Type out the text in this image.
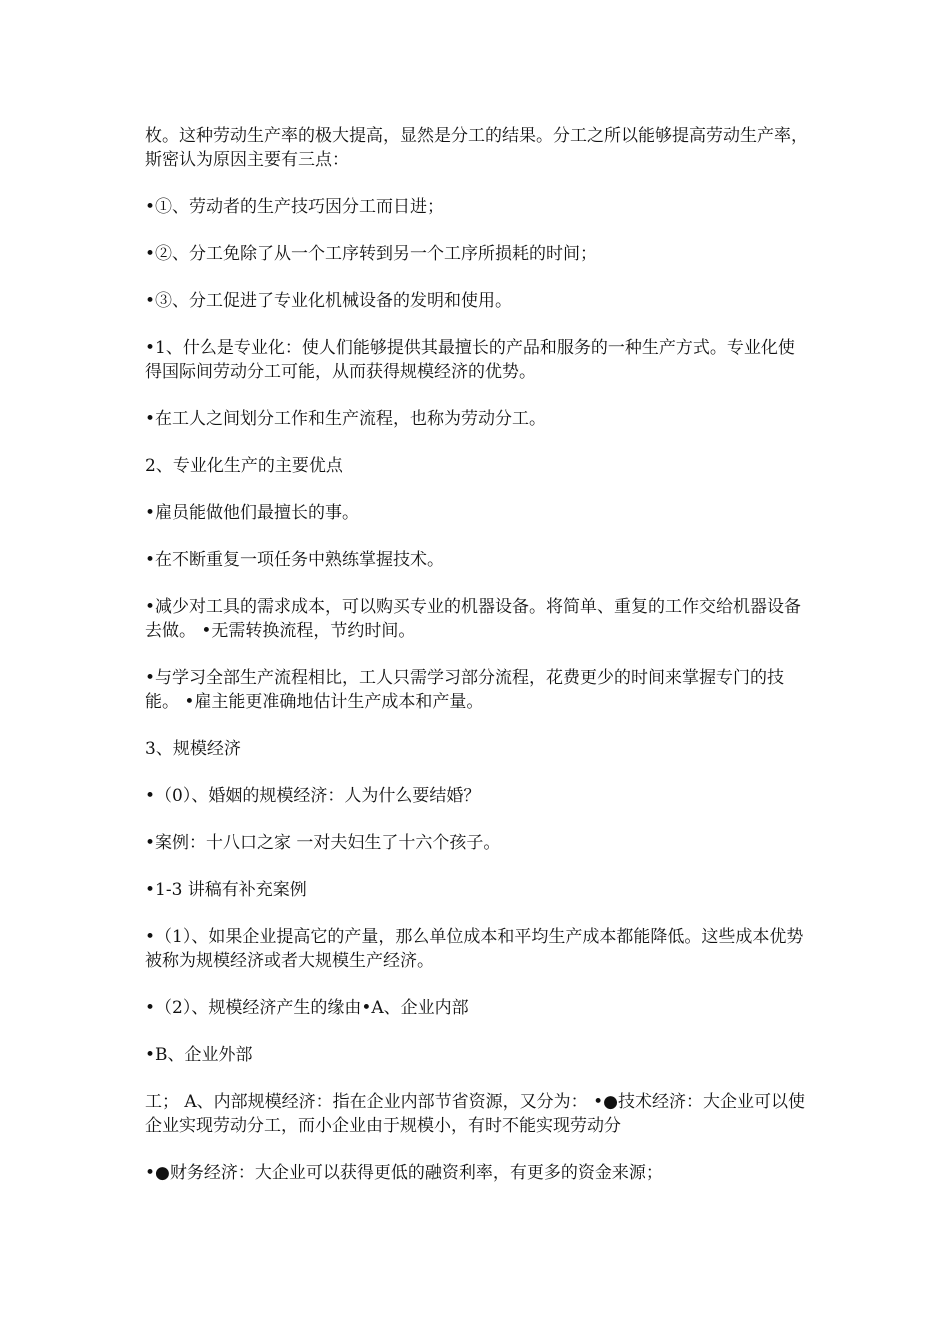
枚。这种劳动生产率的极大提高，显然是分工的结果。分工之所以能够提高劳动生产率，斯密认为原因主要有三点：

•①、劳动者的生产技巧因分工而日进；

•②、分工免除了从一个工序转到另一个工序所损耗的时间；

•③、分工促进了专业化机械设备的发明和使用。

•1、什么是专业化：使人们能够提供其最擅长的产品和服务的一种生产方式。专业化使得国际间劳动分工可能，从而获得规模经济的优势。

•在工人之间划分工作和生产流程，也称为劳动分工。

2、专业化生产的主要优点

•雇员能做他们最擅长的事。

•在不断重复一项任务中熟练掌握技术。

•减少对工具的需求成本，可以购买专业的机器设备。将简单、重复的工作交给机器设备去做。 •无需转换流程，节约时间。

•与学习全部生产流程相比，工人只需学习部分流程，花费更少的时间来掌握专门的技能。 •雇主能更准确地估计生产成本和产量。

3、规模经济

•（0）、婚姻的规模经济：人为什么要结婚？

•案例：十八口之家 一对夫妇生了十六个孩子。

•1-3 讲稿有补充案例

•（1）、如果企业提高它的产量，那么单位成本和平均生产成本都能降低。这些成本优势被称为规模经济或者大规模生产经济。

•（2）、规模经济产生的缘由•A、企业内部

•B、企业外部

工； A、内部规模经济：指在企业内部节省资源，又分为： •●技术经济：大企业可以使企业实现劳动分工，而小企业由于规模小，有时不能实现劳动分

•●财务经济：大企业可以获得更低的融资利率，有更多的资金来源；
